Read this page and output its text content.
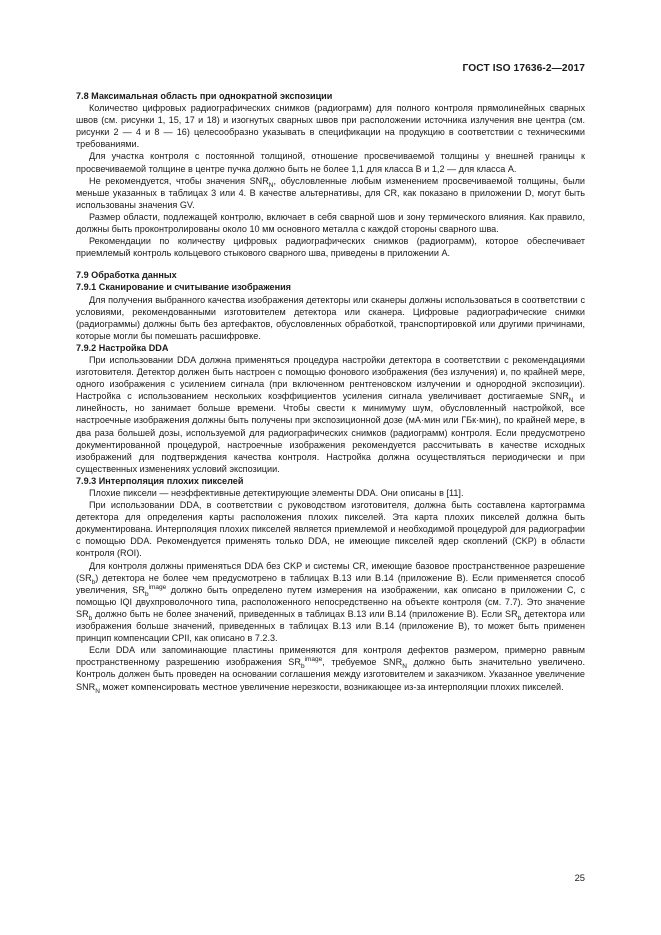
ГОСТ ISO 17636-2—2017

7.8 Максимальная область при однократной экспозиции

Количество цифровых радиографических снимков (радиограмм) для полного контроля прямолинейных сварных швов (см. рисунки 1, 15, 17 и 18) и изогнутых сварных швов при расположении источника излучения вне центра (см. рисунки 2 — 4 и 8 — 16) целесообразно указывать в спецификации на продукцию в соответствии с техническими требованиями.

Для участка контроля с постоянной толщиной, отношение просвечиваемой толщины у внешней границы к просвечиваемой толщине в центре пучка должно быть не более 1,1 для класса В и 1,2 — для класса А.

Не рекомендуется, чтобы значения $SNR_N$, обусловленные любым изменением просвечиваемой толщины, были меньше указанных в таблицах 3 или 4. В качестве альтернативы, для CR, как показано в приложении D, могут быть использованы значения GV.

Размер области, подлежащей контролю, включает в себя сварной шов и зону термического влияния. Как правило, должны быть проконтролированы около 10 мм основного металла с каждой стороны сварного шва.

Рекомендации по количеству цифровых радиографических снимков (радиограмм), которое обеспечивает приемлемый контроль кольцевого стыкового сварного шва, приведены в приложении А.

7.9 Обработка данных

7.9.1 Сканирование и считывание изображения

Для получения выбранного качества изображения детекторы или сканеры должны использоваться в соответствии с условиями, рекомендованными изготовителем детектора или сканера. Цифровые радиографические снимки (радиограммы) должны быть без артефактов, обусловленных обработкой, транспортировкой или другими причинами, которые могли бы помешать расшифровке.

7.9.2 Настройка DDA

При использовании DDA должна применяться процедура настройки детектора в соответствии с рекомендациями изготовителя. Детектор должен быть настроен с помощью фонового изображения (без излучения) и, по крайней мере, одного изображения с усилением сигнала (при включенном рентгеновском излучении и однородной экспозиции). Настройка с использованием нескольких коэффициентов усиления сигнала увеличивает достигаемые $SNR_N$ и линейность, но занимает больше времени. Чтобы свести к минимуму шум, обусловленный настройкой, все настроечные изображения должны быть получены при экспозиционной дозе (мА·мин или ГБк·мин), по крайней мере, в два раза большей дозы, используемой для радиографических снимков (радиограмм) контроля. Если предусмотрено документированной процедурой, настроечные изображения рекомендуется рассчитывать в качестве исходных изображений для подтверждения качества контроля. Настройка должна осуществляться периодически и при существенных изменениях условий экспозиции.

7.9.3 Интерполяция плохих пикселей

Плохие пиксели — неэффективные детектирующие элементы DDA. Они описаны в [11].

При использовании DDA, в соответствии с руководством изготовителя, должна быть составлена картограмма детектора для определения карты расположения плохих пикселей. Эта карта плохих пикселей должна быть документирована. Интерполяция плохих пикселей является приемлемой и необходимой процедурой для радиографии с помощью DDA. Рекомендуется применять только DDA, не имеющие пикселей ядер скоплений (CKP) в области контроля (ROI).

Для контроля должны применяться DDA без CKP и системы CR, имеющие базовое пространственное разрешение $(SR_b)$ детектора не более чем предусмотрено в таблицах В.13 или В.14 (приложение В). Если применяется способ увеличения, $SR_b^{image}$ должно быть определено путем измерения на изображении, как описано в приложении С, с помощью IQI двухпроволочного типа, расположенного непосредственно на объекте контроля (см. 7.7). Это значение $SR_b$ должно быть не более значений, приведенных в таблицах В.13 или В.14 (приложение В). Если $SR_b$ детектора или изображения больше значений, приведенных в таблицах В.13 или В.14 (приложение В), то может быть применен принцип компенсации CPII, как описано в 7.2.3.

Если DDA или запоминающие пластины применяются для контроля дефектов размером, примерно равным пространственному разрешению изображения $SR_b^{image}$, требуемое $SNR_N$ должно быть значительно увеличено. Контроль должен быть проведен на основании соглашения между изготовителем и заказчиком. Указанное увеличение $SNR_N$ может компенсировать местное увеличение нерезкости, возникающее из-за интерполяции плохих пикселей.

25
